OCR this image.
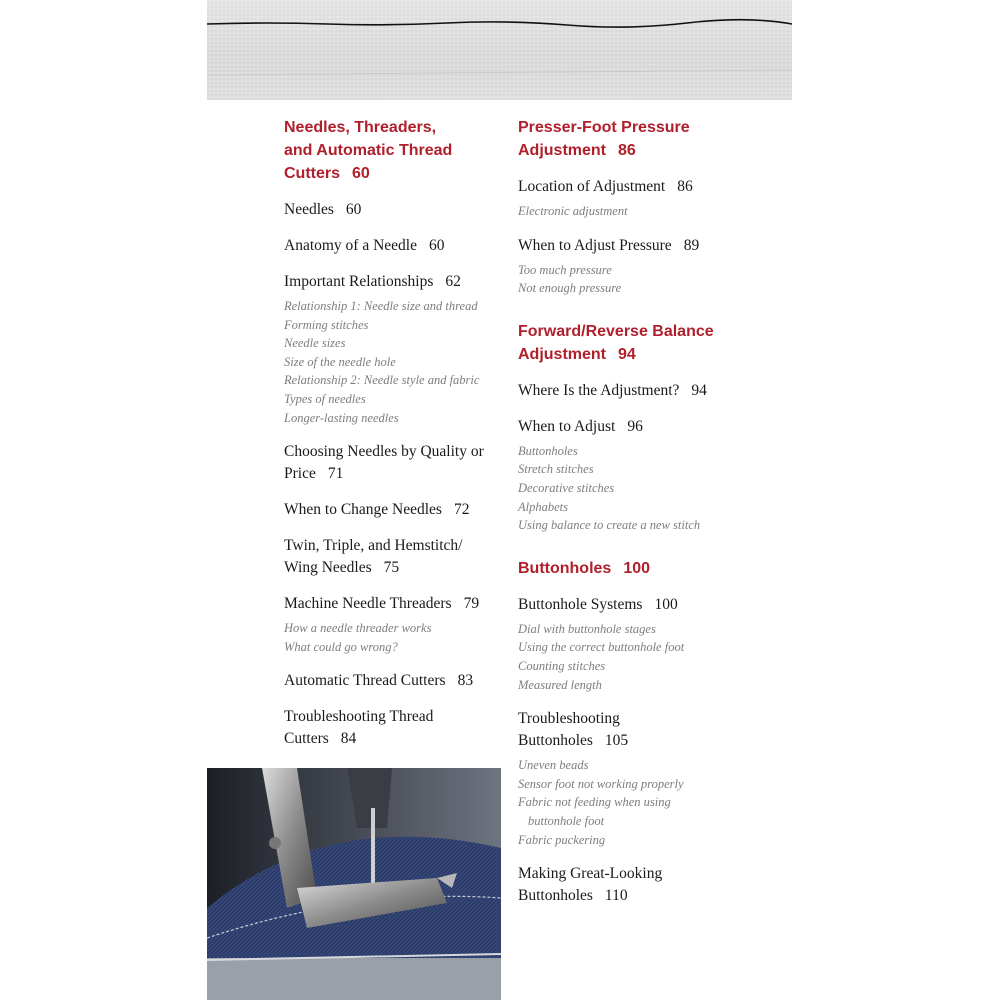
Needles, Threaders, and Automatic Thread Cutters 60

Needles 60

Anatomy of a Needle 60

Important Relationships 62

Relationship 1: Needle size and thread

Forming stitches

Needle sizes

Size of the needle hole

Relationship 2: Needle style and fabric

Types of needles

Longer-lasting needles

Choosing Needles by Quality or Price 71

When to Change Needles 72

Twin, Triple, and Hemstitch/ Wing Needles 75

Machine Needle Threaders 79

How a needle threader works

What could go wrong?

Automatic Thread Cutters 83

Troubleshooting Thread Cutters 84

Presser-Foot Pressure Adjustment 86

Location of Adjustment 86

Electronic adjustment

When to Adjust Pressure 89

Too much pressure

Not enough pressure

Forward/Reverse Balance Adjustment 94

Where Is the Adjustment? 94

When to Adjust 96

Buttonholes

Stretch stitches

Decorative stitches

Alphabets

Using balance to create a new stitch

Buttonholes 100

Buttonhole Systems 100

Dial with buttonhole stages

Using the correct buttonhole foot

Counting stitches

Measured length

Troubleshooting Buttonholes 105

Uneven beads

Sensor foot not working properly

Fabric not feeding when using

buttonhole foot

Fabric puckering

Making Great-Looking Buttonholes 110
